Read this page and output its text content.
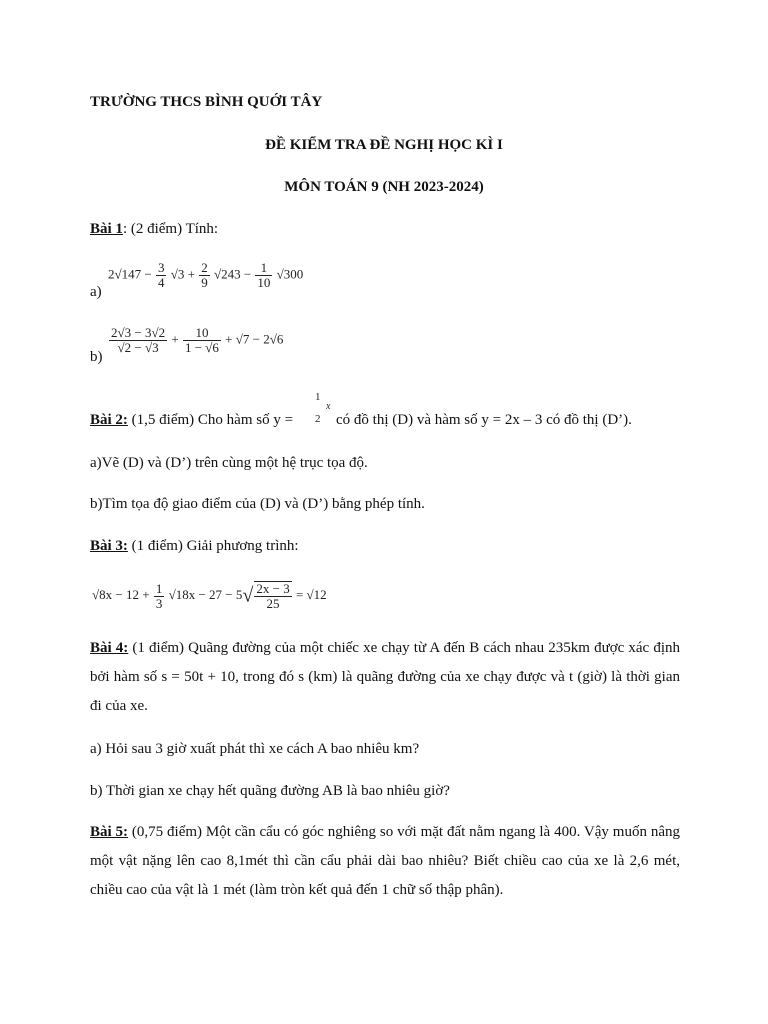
TRƯỜNG THCS BÌNH QUỚI TÂY
ĐỀ KIỂM TRA ĐỀ NGHỊ HỌC KÌ I
MÔN TOÁN 9 (NH 2023-2024)
Bài 1: (2 điểm) Tính:
a)
$2√147 - \frac{3}{4} √3 + \frac{2}{9} √243 - \frac{1}{10} √300$
b)
$\frac{2√3 - 3√2}{√2 - √3} + \frac{10}{1 - √6} + √7 - 2√6$
1
2
x
Bài 2: (1,5 điểm) Cho hàm số y =	có đồ thị (D) và hàm số y = 2x – 3 có đồ thị (D’).
a)Vẽ (D) và (D’) trên cùng một hệ trục tọa độ.
b)Tìm tọa độ giao điểm của (D) và (D’) bằng phép tính.
Bài 3: (1 điểm) Giải phương trình:
$√8x - 12 + \frac{1}{3} √18x - 27 - 5√ \frac{2x - 3}{25} = √12$
Bài 4: (1 điểm) Quãng đường của một chiếc xe chạy từ A đến B cách nhau 235km được xác định bởi hàm số s = 50t + 10, trong đó s (km) là quãng đường của xe chạy được và t (giờ) là thời gian đi của xe.
a) Hỏi sau 3 giờ xuất phát thì xe cách A bao nhiêu km?
b) Thời gian xe chạy hết quãng đường AB là bao nhiêu giờ?
Bài 5: (0,75 điểm) Một cần cẩu có góc nghiêng so với mặt đất nằm ngang là 400. Vậy muốn nâng một vật nặng lên cao 8,1mét thì cần cẩu phải dài bao nhiêu? Biết chiều cao của xe là 2,6 mét, chiều cao của vật là 1 mét (làm tròn kết quả đến 1 chữ số thập phân).
